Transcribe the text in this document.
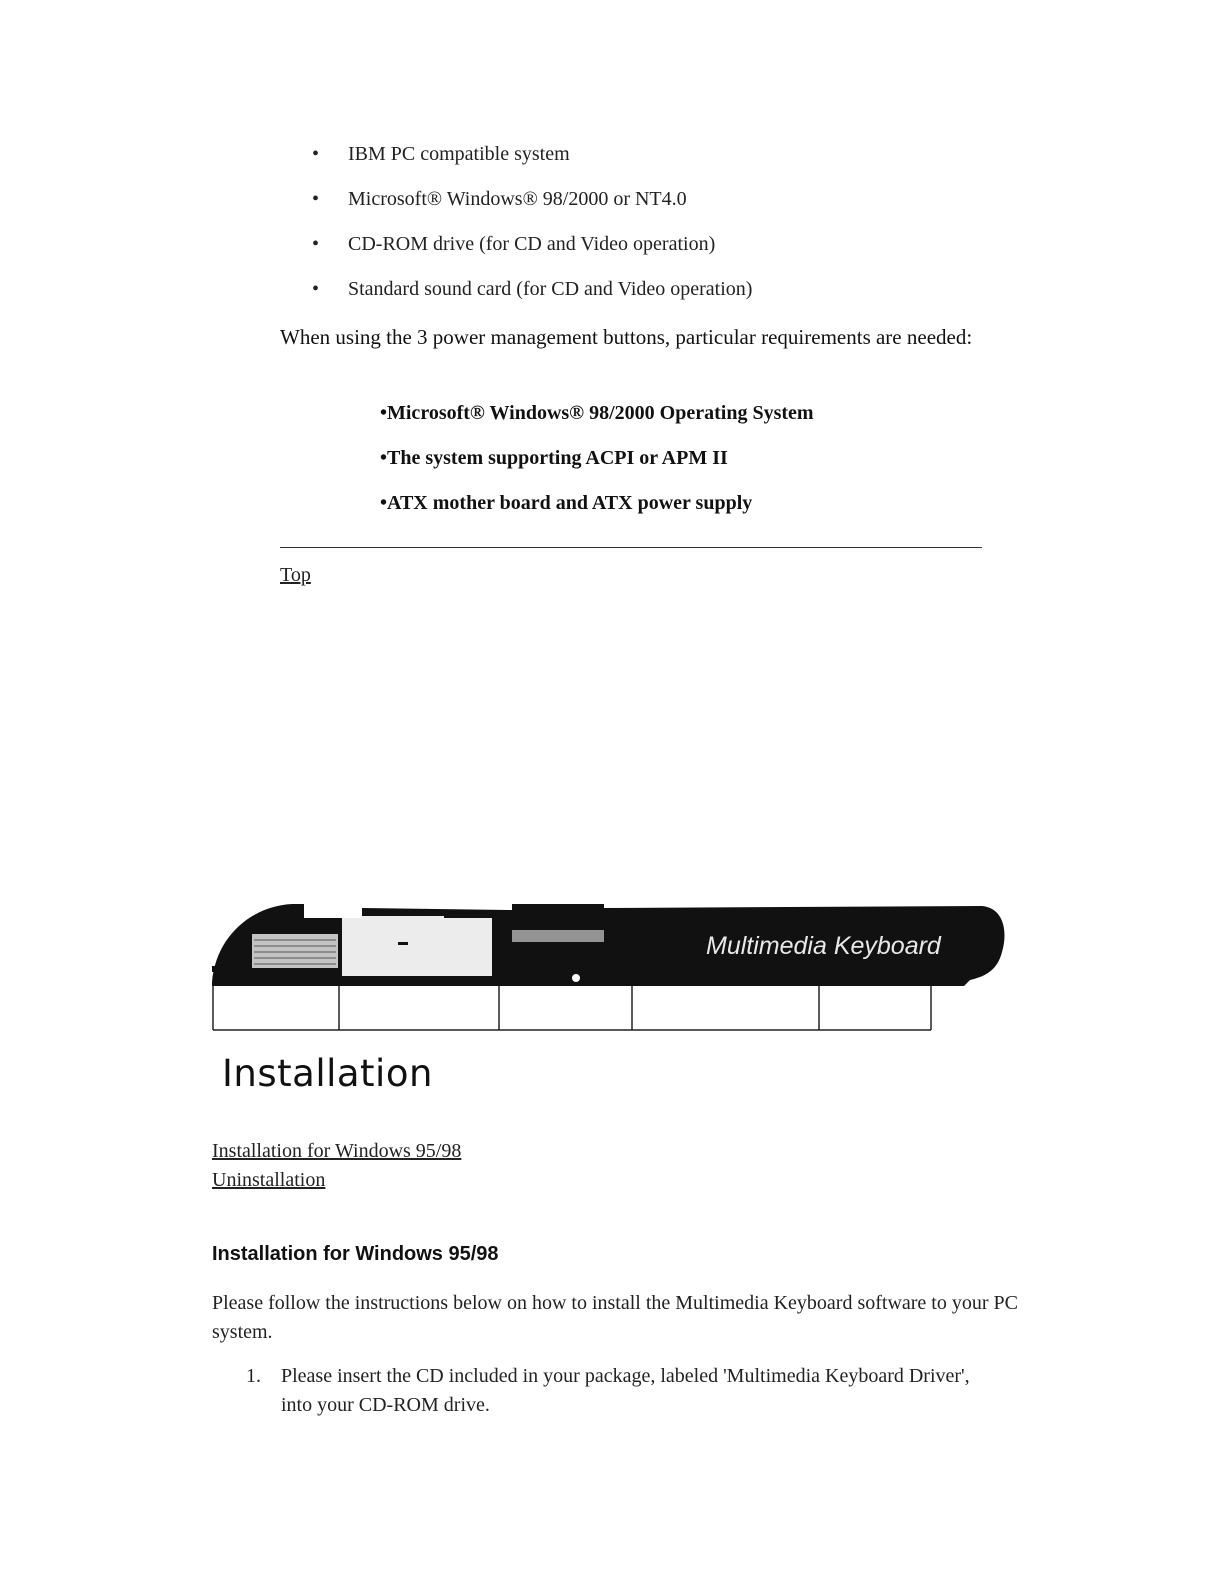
•	IBM PC compatible system
•	Microsoft® Windows® 98/2000 or NT4.0
•	CD-ROM drive (for CD and Video operation)
•	Standard sound card (for CD and Video operation)
When using the 3 power management buttons, particular requirements are needed:
•Microsoft® Windows® 98/2000 Operating System
•The system supporting ACPI or APM II
•ATX mother board and ATX power supply
Top
Multimedia Keyboard
Installation
Installation for Windows 95/98
Uninstallation
Installation for Windows 95/98
Please follow the instructions below on how to install the Multimedia Keyboard software to your PC system.
1. Please insert the CD included in your package, labeled 'Multimedia Keyboard Driver', into your CD-ROM drive.
